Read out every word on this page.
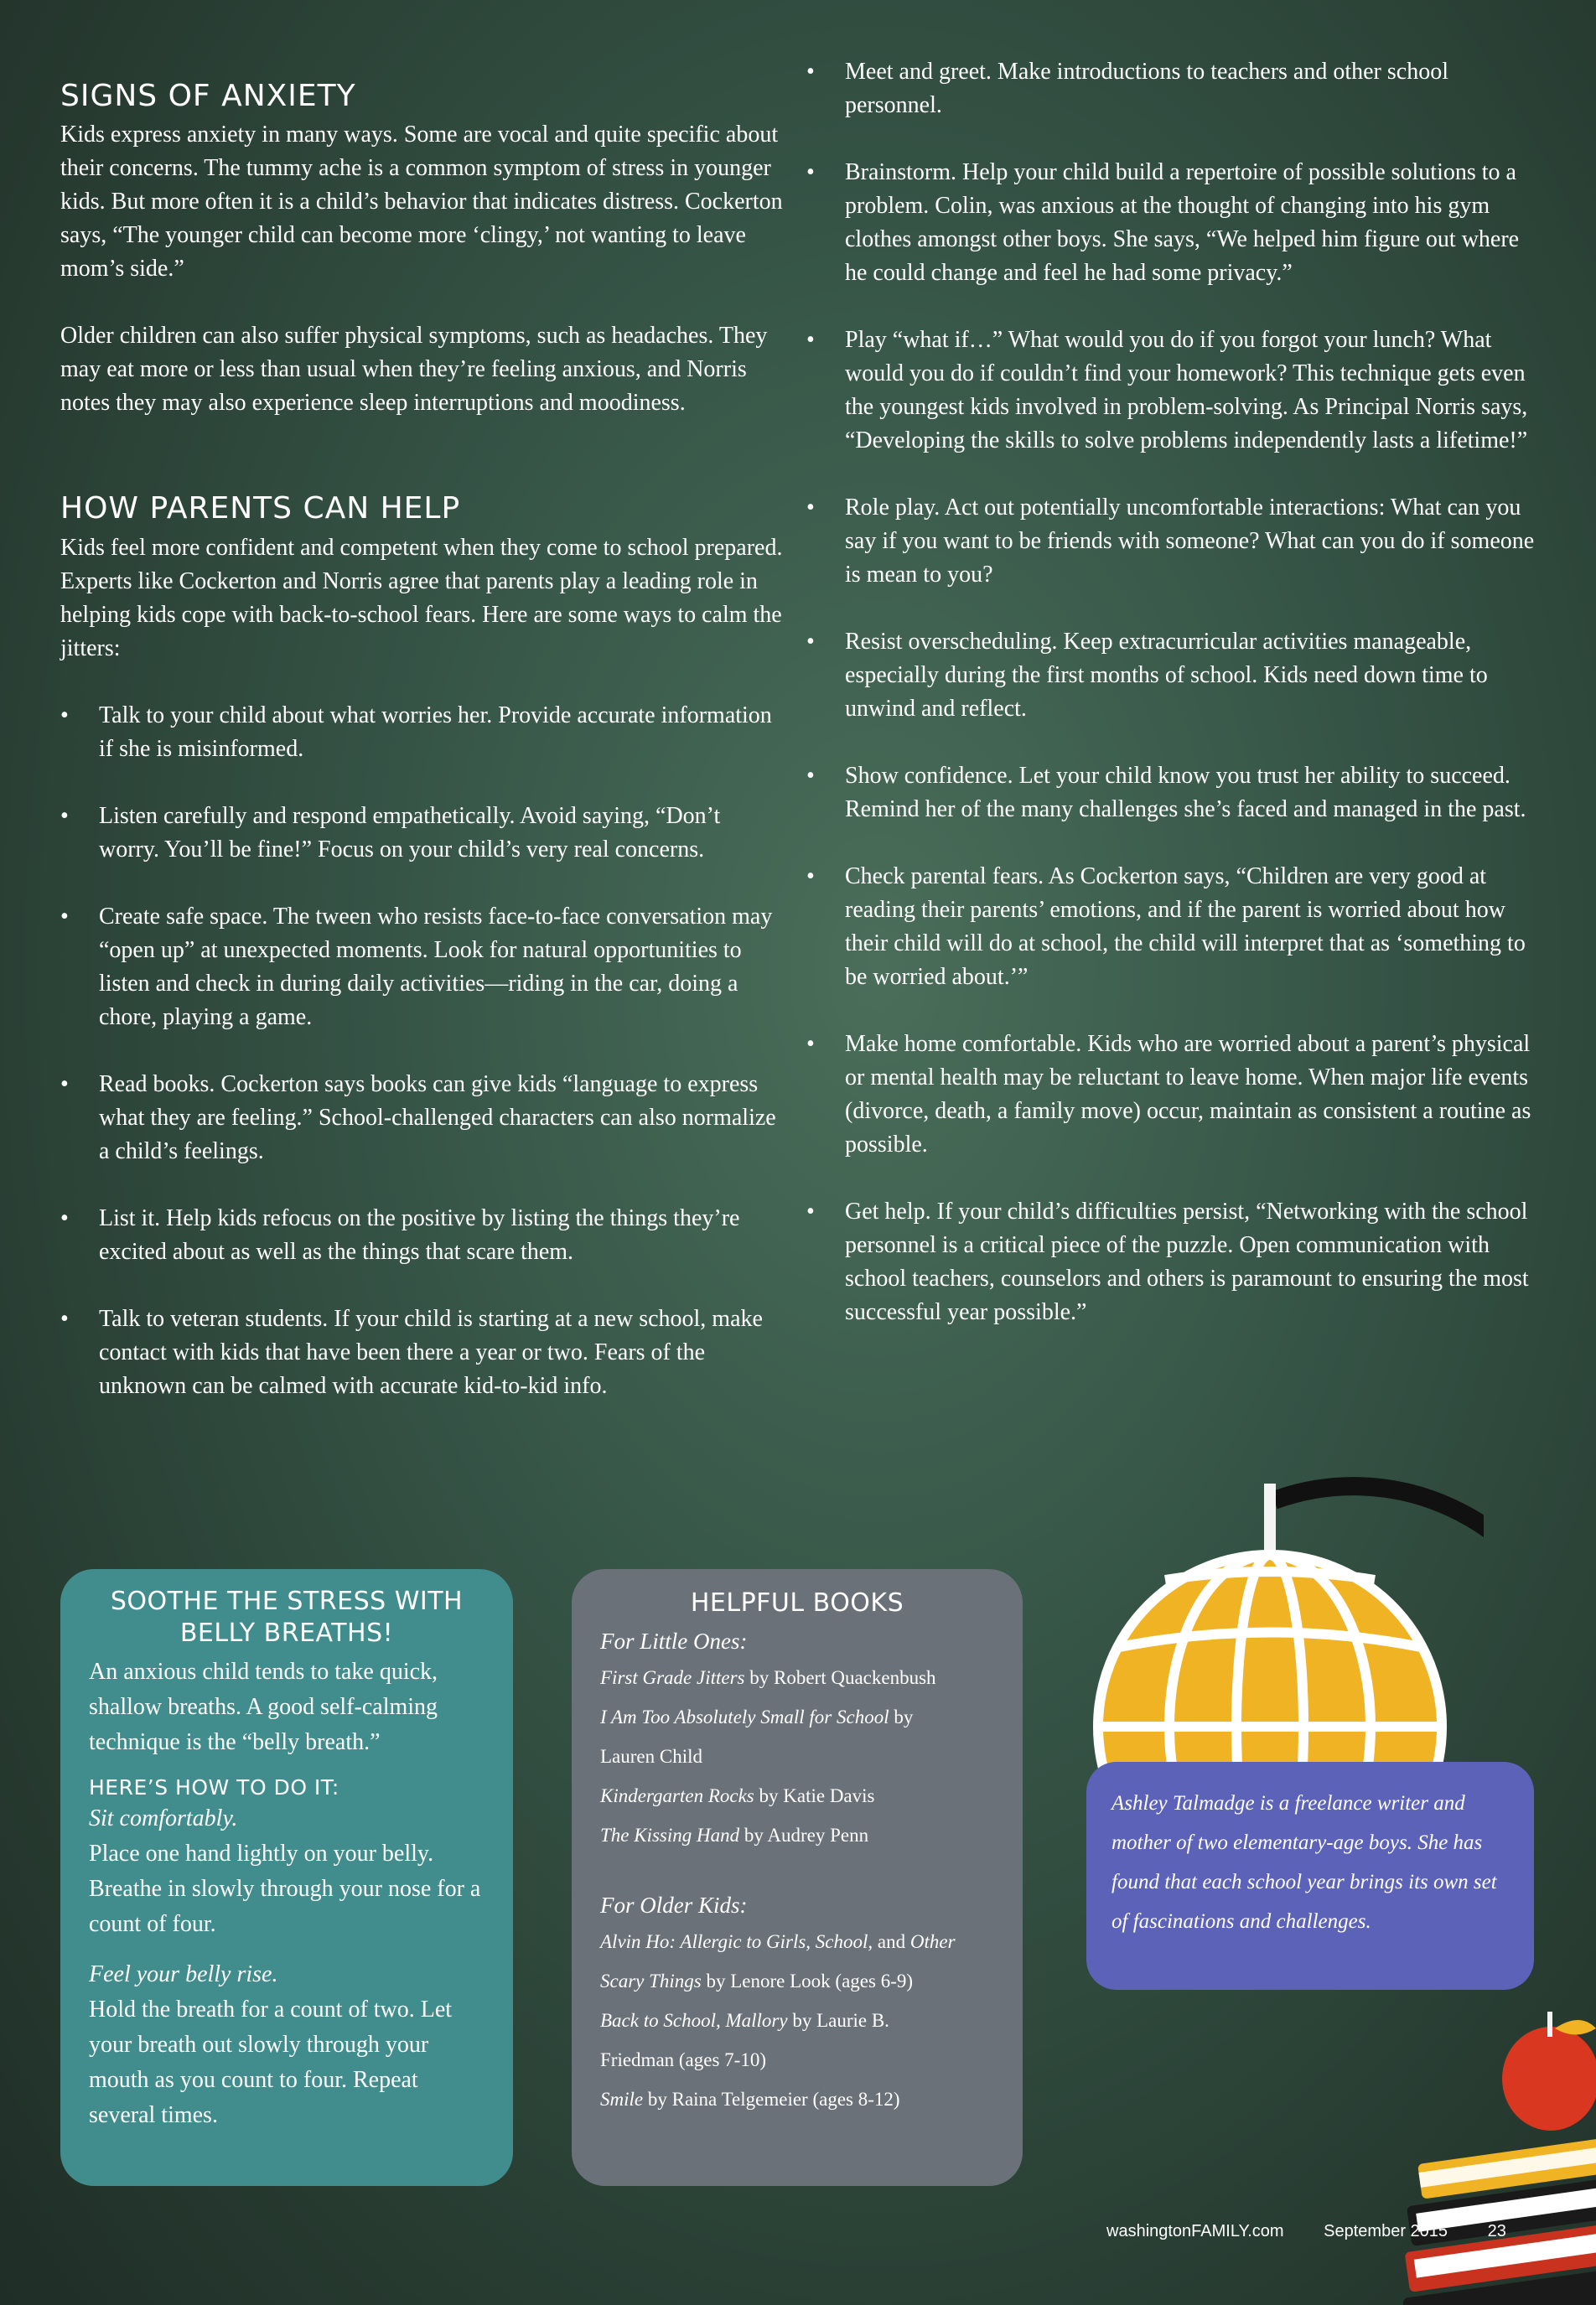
SIGNS OF ANXIETY

Kids express anxiety in many ways. Some are vocal and quite specific about their concerns. The tummy ache is a common symptom of stress in younger kids. But more often it is a child’s behavior that indicates distress. Cockerton says, “The younger child can become more ‘clingy,’ not wanting to leave mom’s side.”

Older children can also suffer physical symptoms, such as headaches. They may eat more or less than usual when they’re feeling anxious, and Norris notes they may also experience sleep interruptions and moodiness.

HOW PARENTS CAN HELP

Kids feel more confident and competent when they come to school prepared. Experts like Cockerton and Norris agree that parents play a leading role in helping kids cope with back-to-school fears. Here are some ways to calm the jitters:

• Talk to your child about what worries her. Provide accurate information if she is misinformed.
• Listen carefully and respond empathetically. Avoid saying, “Don’t worry. You’ll be fine!” Focus on your child’s very real concerns.
• Create safe space. The tween who resists face-to-face conversation may “open up” at unexpected moments. Look for natural opportunities to listen and check in during daily activities—riding in the car, doing a chore, playing a game.
• Read books. Cockerton says books can give kids “language to express what they are feeling.” School-challenged characters can also normalize a child’s feelings.
• List it. Help kids refocus on the positive by listing the things they’re excited about as well as the things that scare them.
• Talk to veteran students. If your child is starting at a new school, make contact with kids that have been there a year or two. Fears of the unknown can be calmed with accurate kid-to-kid info.
• Meet and greet. Make introductions to teachers and other school personnel.
• Brainstorm. Help your child build a repertoire of possible solutions to a problem. Colin, was anxious at the thought of changing into his gym clothes amongst other boys. She says, “We helped him figure out where he could change and feel he had some privacy.”
• Play “what if…” What would you do if you forgot your lunch? What would you do if couldn’t find your homework? This technique gets even the youngest kids involved in problem-solving. As Principal Norris says, “Developing the skills to solve problems independently lasts a lifetime!”
• Role play. Act out potentially uncomfortable interactions: What can you say if you want to be friends with someone? What can you do if someone is mean to you?
• Resist overscheduling. Keep extracurricular activities manageable, especially during the first months of school. Kids need down time to unwind and reflect.
• Show confidence. Let your child know you trust her ability to succeed. Remind her of the many challenges she’s faced and managed in the past.
• Check parental fears. As Cockerton says, “Children are very good at reading their parents’ emotions, and if the parent is worried about how their child will do at school, the child will interpret that as ‘something to be worried about.’”
• Make home comfortable. Kids who are worried about a parent’s physical or mental health may be reluctant to leave home. When major life events (divorce, death, a family move) occur, maintain as consistent a routine as possible.
• Get help. If your child’s difficulties persist, “Networking with the school personnel is a critical piece of the puzzle. Open communication with school teachers, counselors and others is paramount to ensuring the most successful year possible.”
SOOTHE THE STRESS WITH
BELLY BREATHS!

An anxious child tends to take quick, shallow breaths. A good self-calming technique is the “belly breath.”

HERE’S HOW TO DO IT:

Sit comfortably.

Place one hand lightly on your belly. Breathe in slowly through your nose for a count of four.

Feel your belly rise.

Hold the breath for a count of two. Let your breath out slowly through your mouth as you count to four. Repeat several times.

HELPFUL BOOKS

For Little Ones:

First Grade Jitters by Robert Quackenbush

I Am Too Absolutely Small for School by

Lauren Child

Kindergarten Rocks by Katie Davis

The Kissing Hand by Audrey Penn

For Older Kids:

Alvin Ho: Allergic to Girls, School, and Other

Scary Things by Lenore Look (ages 6-9)

Back to School, Mallory by Laurie B.

Friedman (ages 7-10)

Smile by Raina Telgemeier (ages 8-12)

Ashley Talmadge is a freelance writer and mother of two elementary-age boys. She has found that each school year brings its own set of fascinations and challenges.

washingtonFAMILY.com September 2015 23
